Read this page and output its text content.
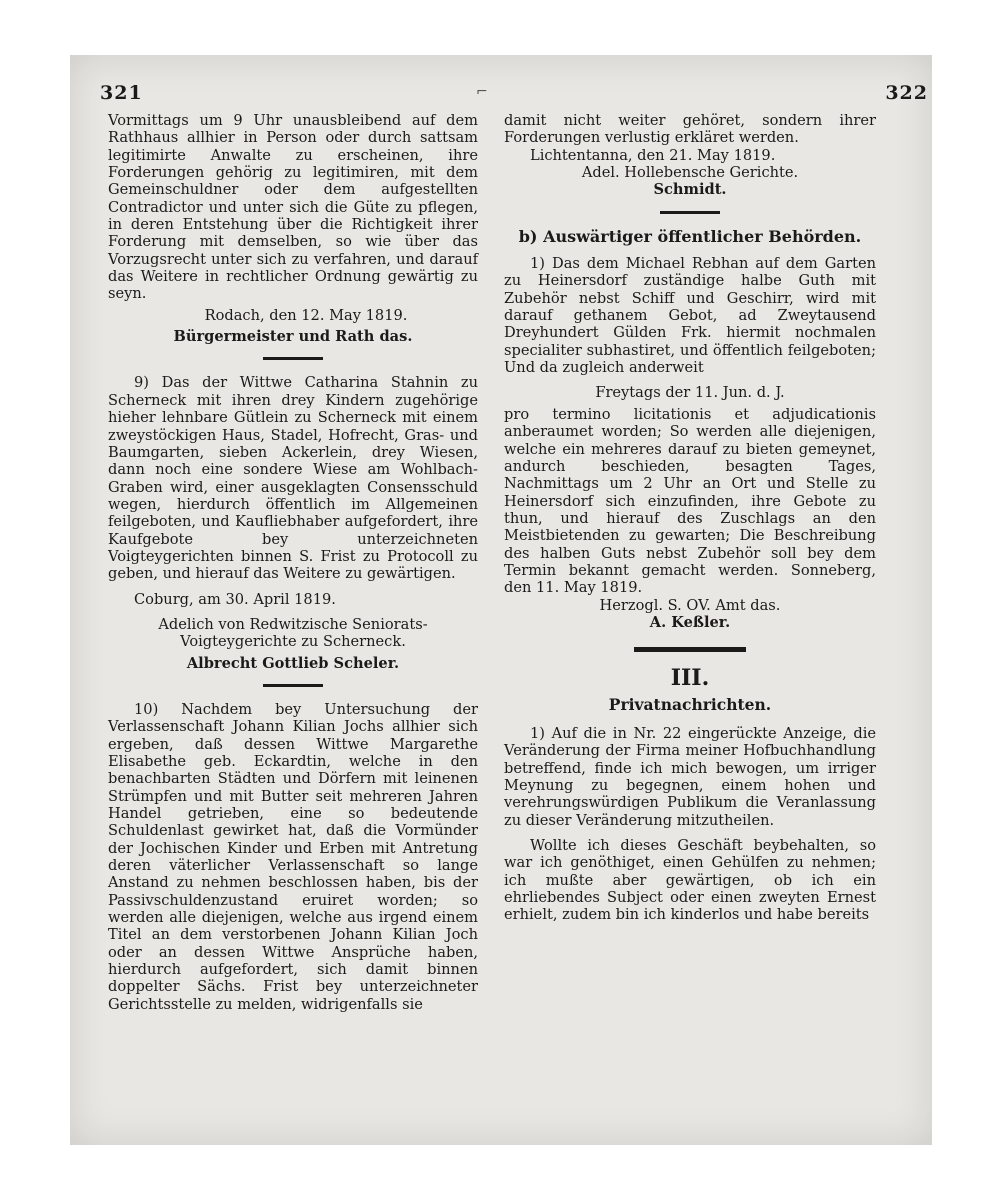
⌐
321	322

Vormittags um 9 Uhr unausbleibend auf dem Rathhaus allhier in Person oder durch sattsam legitimirte Anwalte zu erscheinen, ihre Forderungen gehörig zu legitimiren, mit dem Gemeinschuldner oder dem aufgestellten Contradictor und unter sich die Güte zu pflegen, in deren Entstehung über die Richtigkeit ihrer Forderung mit demselben, so wie über das Vorzugsrecht unter sich zu verfahren, und darauf das Weitere in rechtlicher Ordnung gewärtig zu seyn.

Rodach, den 12. May 1819.

Bürgermeister und Rath das.

9) Das der Wittwe Catharina Stahnin zu Scherneck mit ihren drey Kindern zugehörige hieher lehnbare Gütlein zu Scherneck mit einem zweystöckigen Haus, Stadel, Hofrecht, Gras- und Baumgarten, sieben Ackerlein, drey Wiesen, dann noch eine sondere Wiese am Wohlbach-Graben wird, einer ausgeklagten Consensschuld wegen, hierdurch öffentlich im Allgemeinen feilgeboten, und Kaufliebhaber aufgefordert, ihre Kaufgebote bey unterzeichneten Voigteygerichten binnen S. Frist zu Protocoll zu geben, und hierauf das Weitere zu gewärtigen.

Coburg, am 30. April 1819.

Adelich von Redwitzische Seniorats-Voigteygerichte zu Scherneck.

Albrecht Gottlieb Scheler.

10) Nachdem bey Untersuchung der Verlassenschaft Johann Kilian Jochs allhier sich ergeben, daß dessen Wittwe Margarethe Elisabethe geb. Eckardtin, welche in den benachbarten Städten und Dörfern mit leinenen Strümpfen und mit Butter seit mehreren Jahren Handel getrieben, eine so bedeutende Schuldenlast gewirket hat, daß die Vormünder der Jochischen Kinder und Erben mit Antretung deren väterlicher Verlassenschaft so lange Anstand zu nehmen beschlossen haben, bis der Passivschuldenzustand eruiret worden; so werden alle diejenigen, welche aus irgend einem Titel an dem verstorbenen Johann Kilian Joch oder an dessen Wittwe Ansprüche haben, hierdurch aufgefordert, sich damit binnen doppelter Sächs. Frist bey unterzeichneter Gerichtsstelle zu melden, widrigenfalls sie

damit nicht weiter gehöret, sondern ihrer Forderungen verlustig erkläret werden.

Lichtentanna, den 21. May 1819.

Adel. Hollebensche Gerichte.

Schmidt.

b) Auswärtiger öffentlicher Behörden.

1) Das dem Michael Rebhan auf dem Garten zu Heinersdorf zuständige halbe Guth mit Zubehör nebst Schiff und Geschirr, wird mit darauf gethanem Gebot, ad Zweytausend Dreyhundert Gülden Frk. hiermit nochmalen specialiter subhastiret, und öffentlich feilgeboten; Und da zugleich anderweit

Freytags der 11. Jun. d. J.

pro termino licitationis et adjudicationis anberaumet worden; So werden alle diejenigen, welche ein mehreres darauf zu bieten gemeynet, andurch beschieden, besagten Tages, Nachmittags um 2 Uhr an Ort und Stelle zu Heinersdorf sich einzufinden, ihre Gebote zu thun, und hierauf des Zuschlags an den Meistbietenden zu gewarten; Die Beschreibung des halben Guts nebst Zubehör soll bey dem Termin bekannt gemacht werden. Sonneberg, den 11. May 1819.

Herzogl. S. OV. Amt das.

A. Keßler.

III.
Privatnachrichten.

1) Auf die in Nr. 22 eingerückte Anzeige, die Veränderung der Firma meiner Hofbuchhandlung betreffend, finde ich mich bewogen, um irriger Meynung zu begegnen, einem hohen und verehrungswürdigen Publikum die Veranlassung zu dieser Veränderung mitzutheilen.

Wollte ich dieses Geschäft beybehalten, so war ich genöthiget, einen Gehülfen zu nehmen; ich mußte aber gewärtigen, ob ich ein ehrliebendes Subject oder einen zweyten Ernest erhielt, zudem bin ich kinderlos und habe bereits
